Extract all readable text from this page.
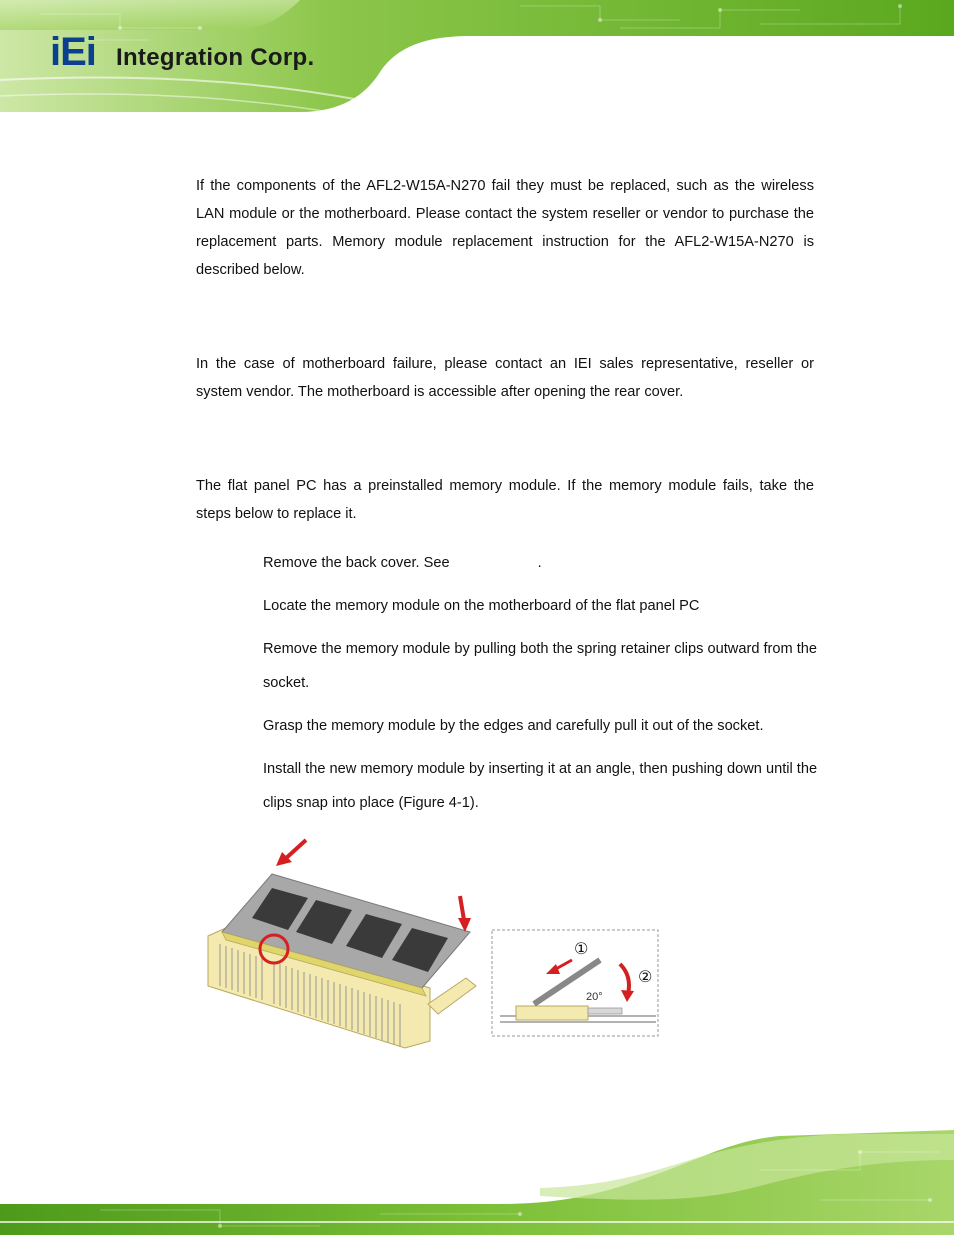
iEi Integration Corp.

If the components of the AFL2-W15A-N270 fail they must be replaced, such as the wireless LAN module or the motherboard. Please contact the system reseller or vendor to purchase the replacement parts. Memory module replacement instruction for the AFL2-W15A-N270 is described below.

In the case of motherboard failure, please contact an IEI sales representative, reseller or system vendor. The motherboard is accessible after opening the rear cover.

The flat panel PC has a preinstalled memory module. If the memory module fails, take the steps below to replace it.

Remove the back cover. See	.

Locate the memory module on the motherboard of the flat panel PC

Remove the memory module by pulling both the spring retainer clips outward from the socket.

Grasp the memory module by the edges and carefully pull it out of the socket.

Install the new memory module by inserting it at an angle, then pushing down until the clips snap into place (Figure 4-1).

①
②
20°
